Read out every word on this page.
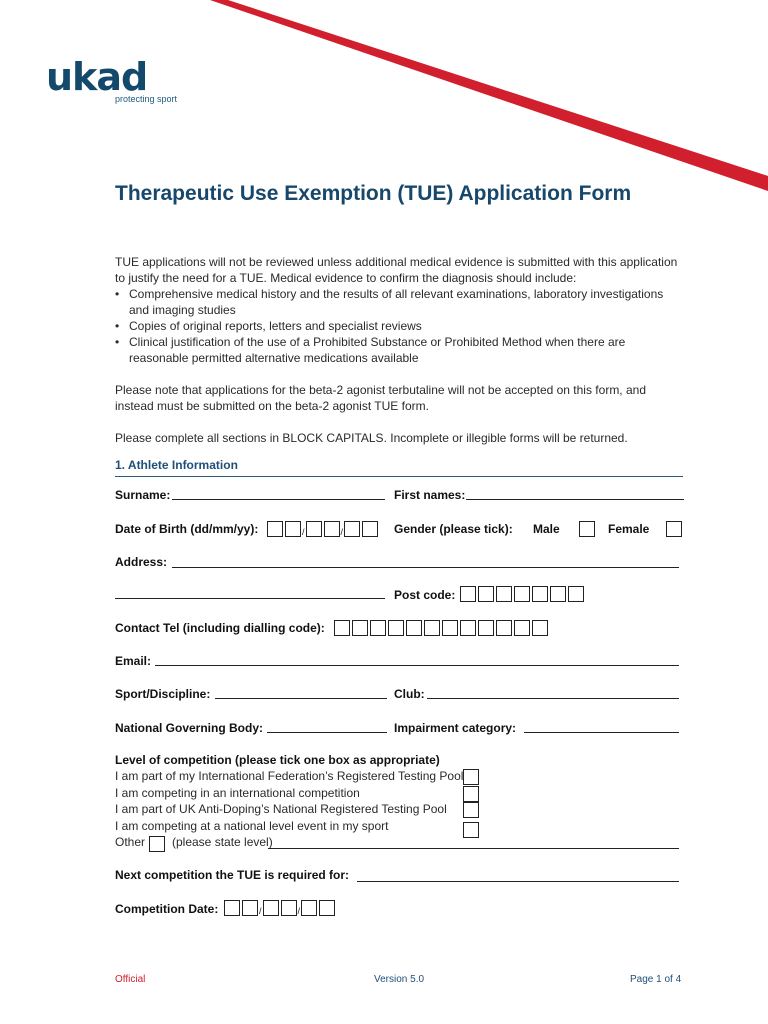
ukad
protecting sport
Therapeutic Use Exemption (TUE) Application Form
TUE applications will not be reviewed unless additional medical evidence is submitted with this application to justify the need for a TUE. Medical evidence to confirm the diagnosis should include:
• Comprehensive medical history and the results of all relevant examinations, laboratory investigations and imaging studies
• Copies of original reports, letters and specialist reviews
• Clinical justification of the use of a Prohibited Substance or Prohibited Method when there are reasonable permitted alternative medications available
Please note that applications for the beta-2 agonist terbutaline will not be accepted on this form, and instead must be submitted on the beta-2 agonist TUE form.
Please complete all sections in BLOCK CAPITALS. Incomplete or illegible forms will be returned.
1. Athlete Information
Surname:	First names:
Date of Birth (dd/mm/yy):	/	/	Gender (please tick): Male	Female
Address:
Post code:
Contact Tel (including dialling code):
Email:
Sport/Discipline:	Club:
National Governing Body:	Impairment category:
Level of competition (please tick one box as appropriate)
I am part of my International Federation’s Registered Testing Pool
I am competing in an international competition
I am part of UK Anti-Doping’s National Registered Testing Pool
I am competing at a national level event in my sport
Other (please state level)
Next competition the TUE is required for:
Competition Date:	/	/
Official	Version 5.0	Page 1 of 4
